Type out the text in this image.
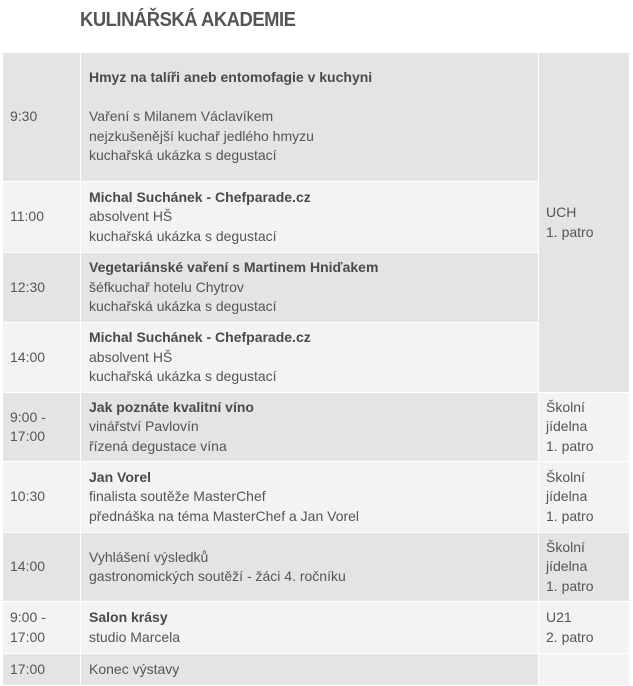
KULINÁŘSKÁ AKADEMIE
9:30	Hmyz na talíři aneb entomofagie v kuchyni
Vaření s Milanem Václavíkem
nejzkušenější kuchař jedlého hmyzu
kuchařská ukázka s degustací	UCH
1. patro

11:00	Michal Suchánek - Chefparade.cz
absolvent HŠ
kuchařská ukázka s degustací	

12:30	Vegetariánské vaření s Martinem Hniďakem
šéfkuchař hotelu Chytrov
kuchařská ukázka s degustací	

14:00	Michal Suchánek - Chefparade.cz
absolvent HŠ
kuchařská ukázka s degustací	

9:00 -
17:00	Jak poznáte kvalitní víno
vinářství Pavlovín
řízená degustace vína	Školní
jídelna
1. patro

10:30	Jan Vorel
finalista soutěže MasterChef
přednáška na téma MasterChef a Jan Vorel	Školní
jídelna
1. patro

14:00	Vyhlášení výsledků
gastronomických soutěží - žáci 4. ročníku	Školní
jídelna
1. patro

9:00 -
17:00	Salon krásy
studio Marcela	U21
2. patro

17:00	Konec výstavy	
